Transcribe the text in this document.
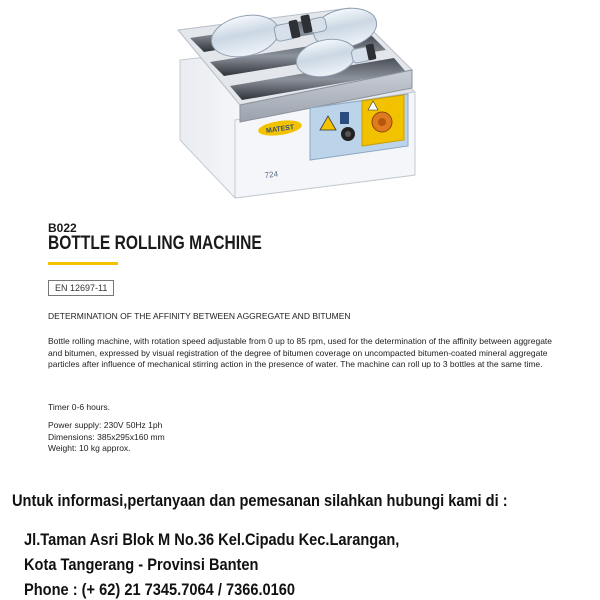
MATEST
724
B022
BOTTLE ROLLING MACHINE
EN 12697-11
DETERMINATION OF THE AFFINITY BETWEEN AGGREGATE AND BITUMEN

Bottle rolling machine, with rotation speed adjustable from 0 up to 85 rpm, used for the determination of the affinity between aggregate and bitumen, expressed by visual registration of the degree of bitumen coverage on uncompacted bitumen-coated mineral aggregate particles after influence of mechanical stirring action in the presence of water. The machine can roll up to 3 bottles at the same time.

Timer 0-6 hours.
Power supply: 230V 50Hz 1ph
Dimensions: 385x295x160 mm
Weight: 10 kg approx.
Untuk informasi,pertanyaan dan pemesanan silahkan hubungi kami di :
Jl.Taman Asri Blok M No.36 Kel.Cipadu Kec.Larangan,
Kota Tangerang - Provinsi Banten
Phone : (+ 62) 21 7345.7064 / 7366.0160
